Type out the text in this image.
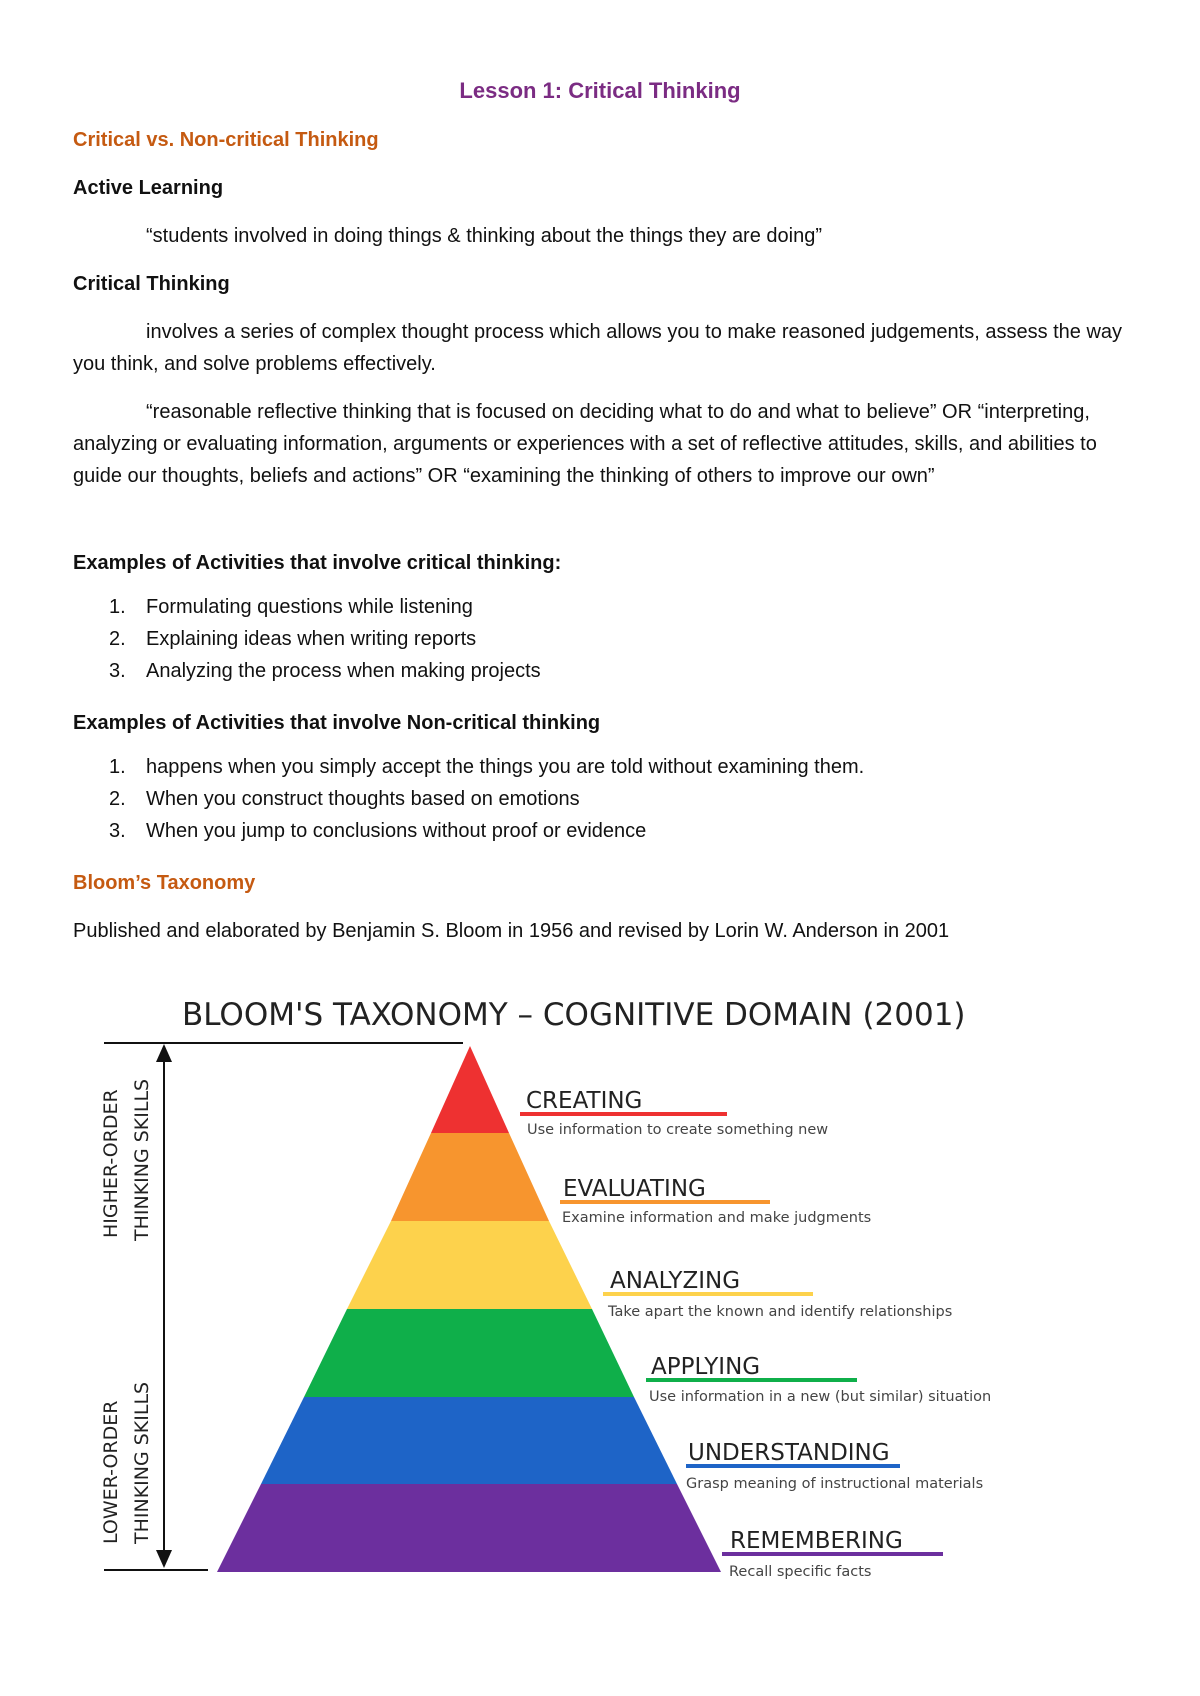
Lesson 1: Critical Thinking
Critical vs. Non-critical Thinking
Active Learning
“students involved in doing things & thinking about the things they are doing”
Critical Thinking
involves a series of complex thought process which allows you to make reasoned judgements, assess the way you think, and solve problems effectively.
“reasonable reflective thinking that is focused on deciding what to do and what to believe” OR “interpreting, analyzing or evaluating information, arguments or experiences with a set of reflective attitudes, skills, and abilities to guide our thoughts, beliefs and actions” OR “examining the thinking of others to improve our own”
Examples of Activities that involve critical thinking:
1.	Formulating questions while listening
2.	Explaining ideas when writing reports
3.	Analyzing the process when making projects
Examples of Activities that involve Non-critical thinking
1.	happens when you simply accept the things you are told without examining them.
2.	When you construct thoughts based on emotions
3.	When you jump to conclusions without proof or evidence
Bloom’s Taxonomy
Published and elaborated by Benjamin S. Bloom in 1956 and revised by Lorin W. Anderson in 2001
BLOOM'S TAXONOMY – COGNITIVE DOMAIN (2001)
HIGHER-ORDER THINKING SKILLS
LOWER-ORDER THINKING SKILLS
CREATING
EVALUATING
ANALYZING
APPLYING
UNDERSTANDING
REMEMBERING
Use information to create something new
Examine information and make judgments
Take apart the known and identify relationships
Use information in a new (but similar) situation
Grasp meaning of instructional materials
Recall specific facts
